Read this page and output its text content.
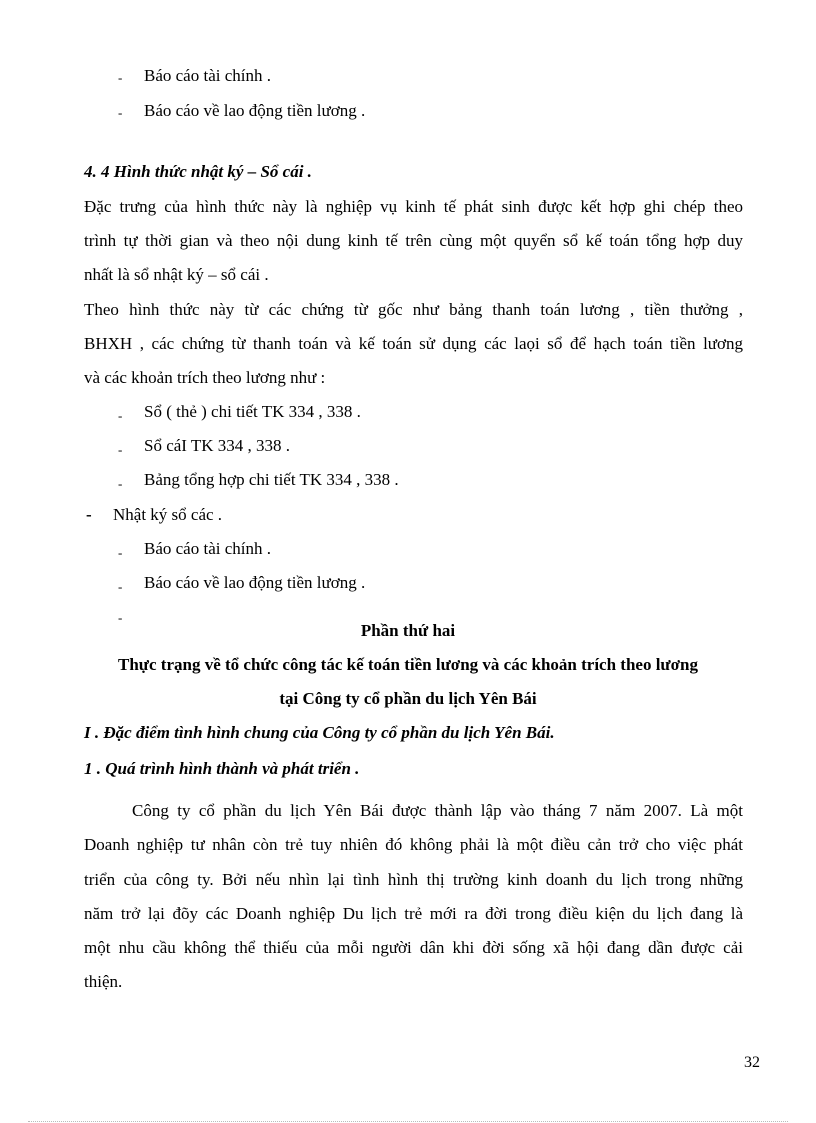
- Báo cáo tài chính .
- Báo cáo về lao động tiền lương .
4. 4 Hình thức nhật ký – Sổ cái .
Đặc trưng của hình thức này là nghiệp vụ kinh tế phát sinh được kết hợp ghi chép theo
trình tự thời gian và theo nội dung kinh tế trên cùng một quyển sổ kế toán tổng hợp duy
nhất là sổ nhật ký – sổ cái .
Theo hình thức này từ các chứng từ gốc như bảng thanh toán lương , tiền thưởng ,
BHXH , các chứng từ thanh toán và kế toán sử dụng các laọi sổ để hạch toán tiền lương
và các khoản trích theo lương như :
- Sổ ( thẻ ) chi tiết TK 334 , 338 .
- Sổ cáI TK 334 , 338 .
- Bảng tổng hợp chi tiết TK 334 , 338 .
- Nhật ký sổ các .
- Báo cáo tài chính .
- Báo cáo về lao động tiền lương .
-
Phần thứ hai
Thực trạng về tổ chức công tác kế toán tiền lương và các khoản trích theo lương
tại Công ty cổ phần du lịch Yên Bái
I . Đặc điểm tình hình chung của Công ty cổ phần du lịch Yên Bái.
1 . Quá trình hình thành và phát triển .
Công ty cổ phần du lịch Yên Bái được thành lập vào tháng 7 năm 2007. Là một
Doanh nghiệp tư nhân còn trẻ tuy nhiên đó không phải là một điều cản trở cho việc phát
triển của công ty. Bởi nếu nhìn lại tình hình thị trường kinh doanh du lịch trong những
năm trở lại đõy các Doanh nghiệp Du lịch trẻ mới ra đời trong điều kiện du lịch đang là
một nhu cầu không thể thiếu của mỗi người dân khi đời sống xã hội đang dần được cải
thiện.
32
